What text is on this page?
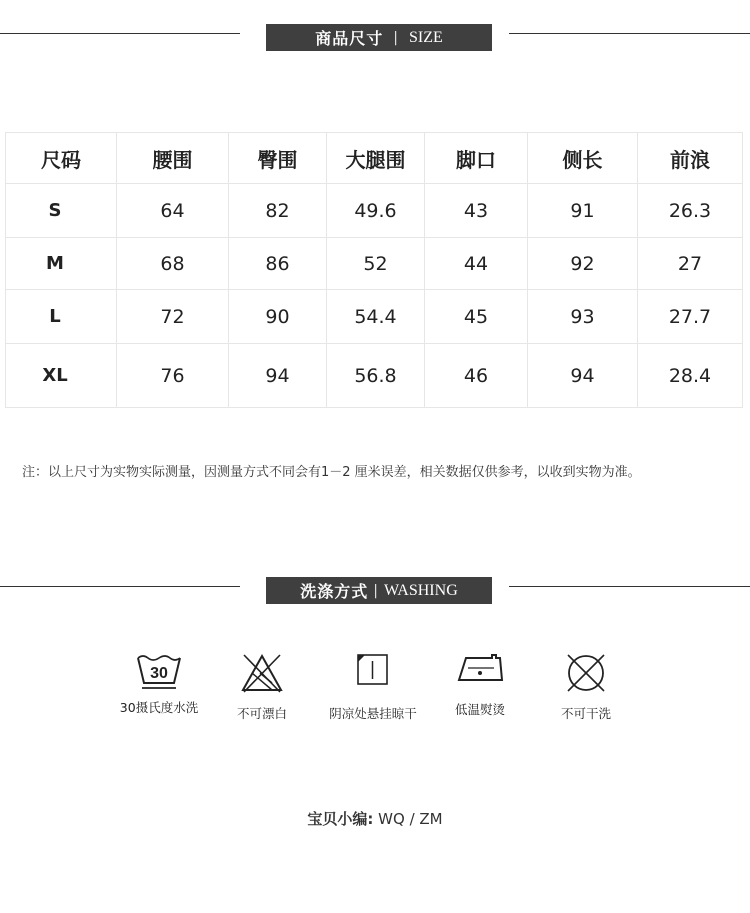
商品尺寸 | SIZE
尺码	腰围	臀围	大腿围	脚口	侧长	前浪
S	64	82	49.6	43	91	26.3
M	68	86	52	44	92	27
L	72	90	54.4	45	93	27.7
XL	76	94	56.8	46	94	28.4
注：以上尺寸为实物实际测量，因测量方式不同会有1－2 厘米误差，相关数据仅供参考，以收到实物为准。
洗涤方式 | WASHING
30
30摄氏度水洗	不可漂白	阴凉处悬挂晾干	低温熨烫	不可干洗
宝贝小编: WQ / ZM
